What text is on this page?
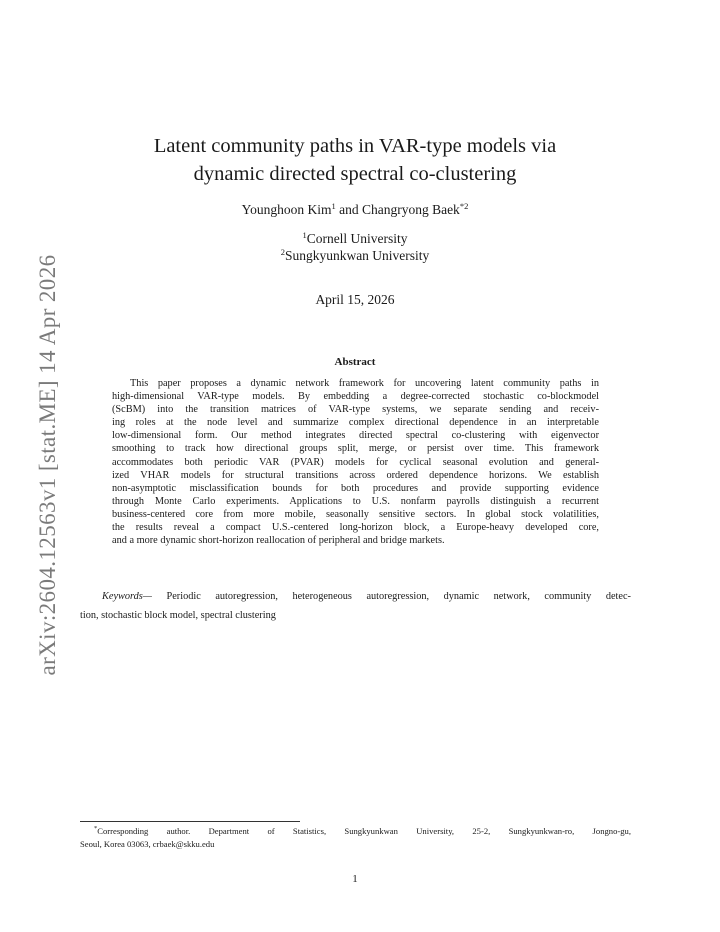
arXiv:2604.12563v1 [stat.ME] 14 Apr 2026
Latent community paths in VAR-type models via
dynamic directed spectral co-clustering
Younghoon Kim$^1$ and Changryong Baek$^{*2}$
$^1$Cornell University
$^2$Sungkyunkwan University
April 15, 2026
Abstract
This paper proposes a dynamic network framework for uncovering latent community paths in
high-dimensional VAR-type models. By embedding a degree-corrected stochastic co-blockmodel
(ScBM) into the transition matrices of VAR-type systems, we separate sending and receiv-
ing roles at the node level and summarize complex directional dependence in an interpretable
low-dimensional form. Our method integrates directed spectral co-clustering with eigenvector
smoothing to track how directional groups split, merge, or persist over time. This framework
accommodates both periodic VAR (PVAR) models for cyclical seasonal evolution and general-
ized VHAR models for structural transitions across ordered dependence horizons. We establish
non-asymptotic misclassification bounds for both procedures and provide supporting evidence
through Monte Carlo experiments. Applications to U.S. nonfarm payrolls distinguish a recurrent
business-centered core from more mobile, seasonally sensitive sectors. In global stock volatilities,
the results reveal a compact U.S.-centered long-horizon block, a Europe-heavy developed core,
and a more dynamic short-horizon reallocation of peripheral and bridge markets.
Keywords— Periodic autoregression, heterogeneous autoregression, dynamic network, community detec-
tion, stochastic block model, spectral clustering
*Corresponding author. Department of Statistics, Sungkyunkwan University, 25-2, Sungkyunkwan-ro, Jongno-gu,
Seoul, Korea 03063, crbaek@skku.edu
1
